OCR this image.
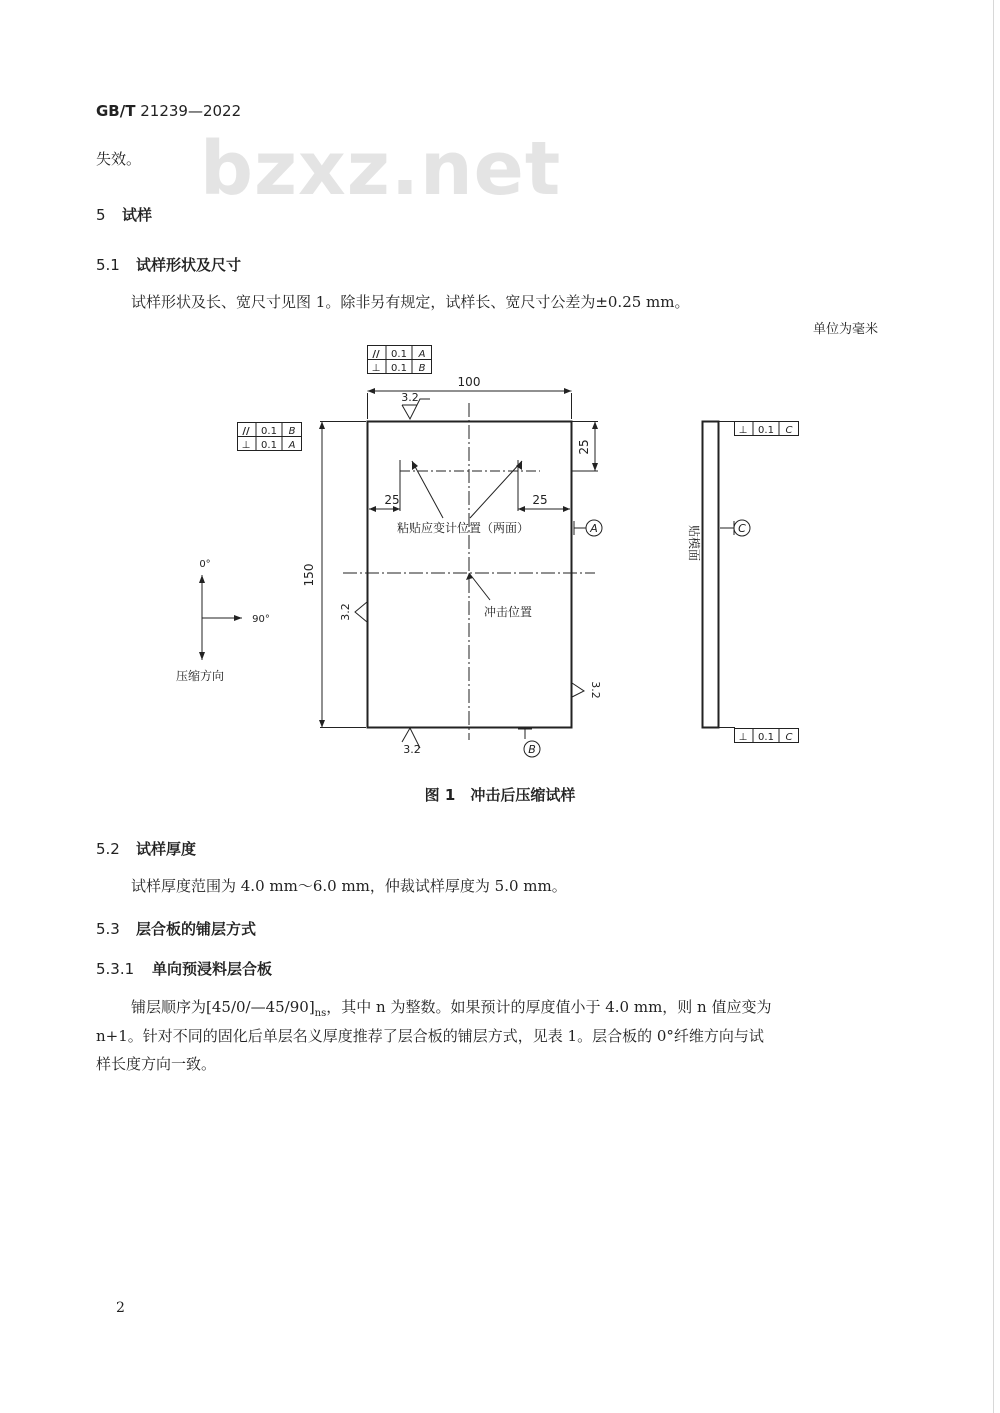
GB/T 21239—2022
bzxz.net
失效。
5 试样
5.1 试样形状及尺寸
试样形状及长、宽尺寸见图 1。除非另有规定，试样长、宽尺寸公差为±0.25 mm。
单位为毫米
100
150
25
25	25
3.2
3.2
3.2
3.2
粘贴应变计位置（两面）
冲击位置
压缩方向
0°
90°
贴模面
A	C
B
// 0.1 A
⊥ 0.1 B
// 0.1 B
⊥ 0.1 A
⊥ 0.1 C
⊥ 0.1 C
图 1　冲击后压缩试样
5.2 试样厚度
试样厚度范围为 4.0 mm～6.0 mm，仲裁试样厚度为 5.0 mm。
5.3 层合板的铺层方式
5.3.1 单向预浸料层合板
铺层顺序为$[45/0/—45/90]_{ns}$，其中 n 为整数。如果预计的厚度值小于 4.0 mm，则 n 值应变为
n+1。针对不同的固化后单层名义厚度推荐了层合板的铺层方式，见表 1。层合板的 0°纤维方向与试
样长度方向一致。
2
